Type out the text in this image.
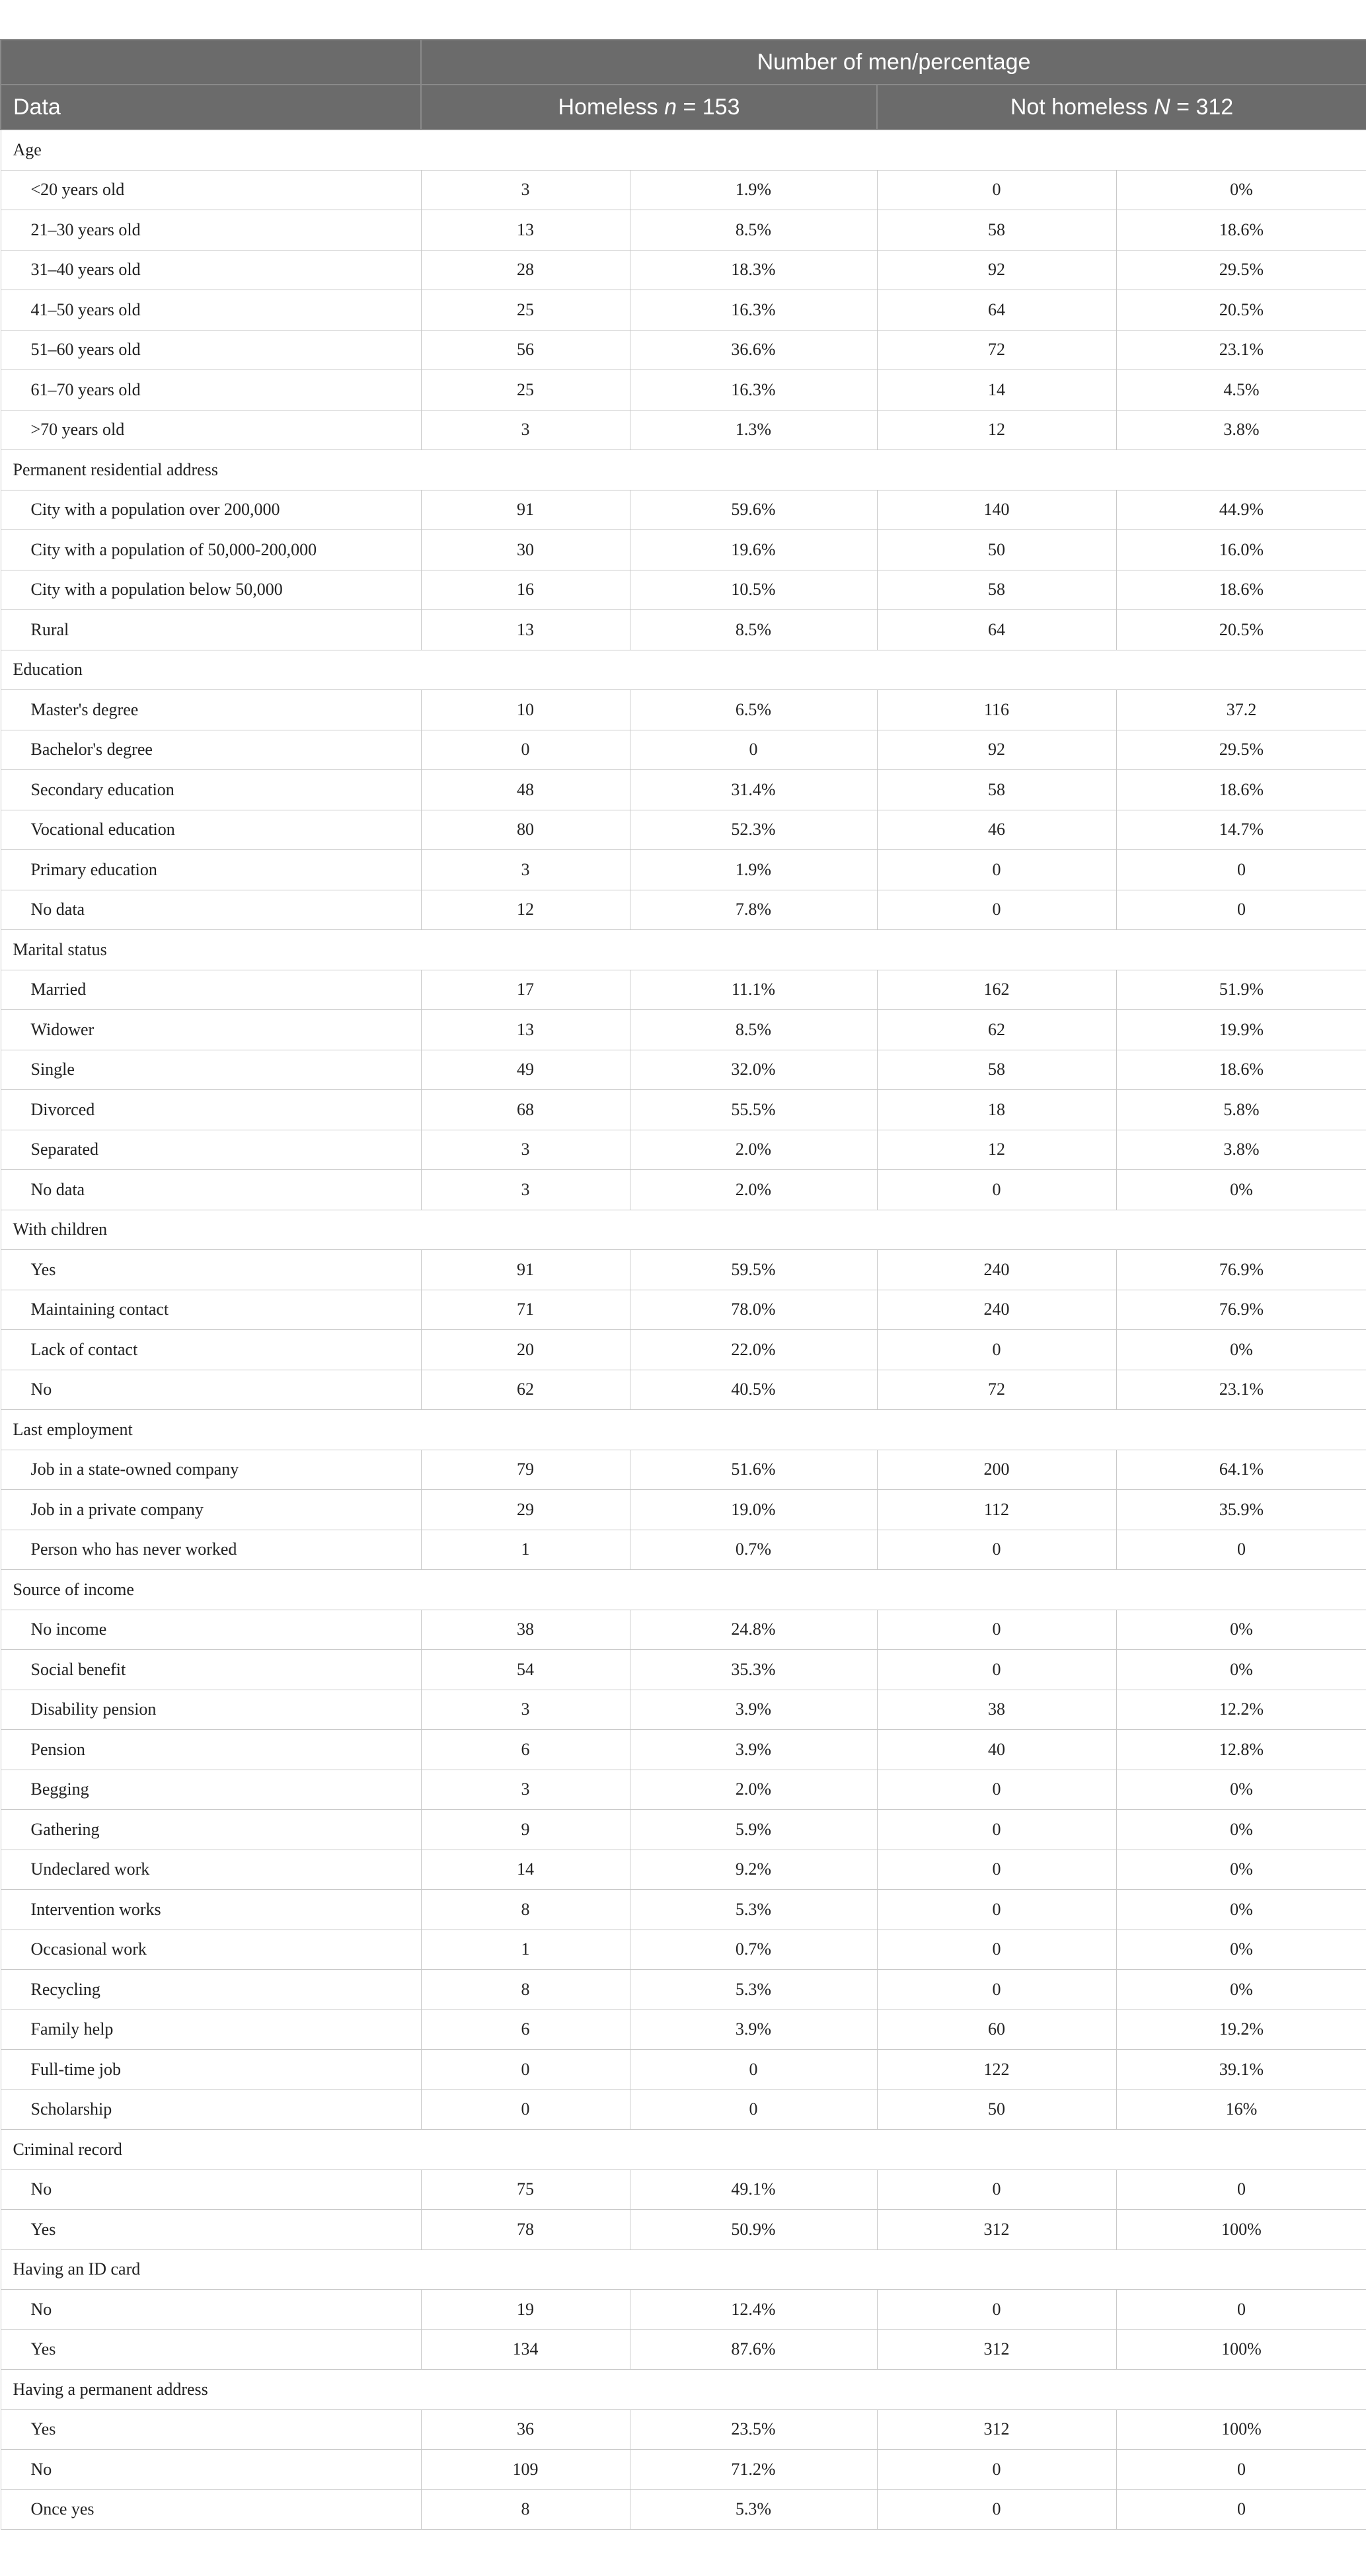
	Number of men/percentage			
Data	Homeless n = 153		Not homeless N = 312	
Age				
<20 years old	3	1.9%	0	0%
21–30 years old	13	8.5%	58	18.6%
31–40 years old	28	18.3%	92	29.5%
41–50 years old	25	16.3%	64	20.5%
51–60 years old	56	36.6%	72	23.1%
61–70 years old	25	16.3%	14	4.5%
>70 years old	3	1.3%	12	3.8%
Permanent residential address				
City with a population over 200,000	91	59.6%	140	44.9%
City with a population of 50,000-200,000	30	19.6%	50	16.0%
City with a population below 50,000	16	10.5%	58	18.6%
Rural	13	8.5%	64	20.5%
Education				
Master's degree	10	6.5%	116	37.2
Bachelor's degree	0	0	92	29.5%
Secondary education	48	31.4%	58	18.6%
Vocational education	80	52.3%	46	14.7%
Primary education	3	1.9%	0	0
No data	12	7.8%	0	0
Marital status				
Married	17	11.1%	162	51.9%
Widower	13	8.5%	62	19.9%
Single	49	32.0%	58	18.6%
Divorced	68	55.5%	18	5.8%
Separated	3	2.0%	12	3.8%
No data	3	2.0%	0	0%
With children				
Yes	91	59.5%	240	76.9%
Maintaining contact	71	78.0%	240	76.9%
Lack of contact	20	22.0%	0	0%
No	62	40.5%	72	23.1%
Last employment				
Job in a state-owned company	79	51.6%	200	64.1%
Job in a private company	29	19.0%	112	35.9%
Person who has never worked	1	0.7%	0	0
Source of income				
No income	38	24.8%	0	0%
Social benefit	54	35.3%	0	0%
Disability pension	3	3.9%	38	12.2%
Pension	6	3.9%	40	12.8%
Begging	3	2.0%	0	0%
Gathering	9	5.9%	0	0%
Undeclared work	14	9.2%	0	0%
Intervention works	8	5.3%	0	0%
Occasional work	1	0.7%	0	0%
Recycling	8	5.3%	0	0%
Family help	6	3.9%	60	19.2%
Full-time job	0	0	122	39.1%
Scholarship	0	0	50	16%
Criminal record				
No	75	49.1%	0	0
Yes	78	50.9%	312	100%
Having an ID card				
No	19	12.4%	0	0
Yes	134	87.6%	312	100%
Having a permanent address				
Yes	36	23.5%	312	100%
No	109	71.2%	0	0
Once yes	8	5.3%	0	0
